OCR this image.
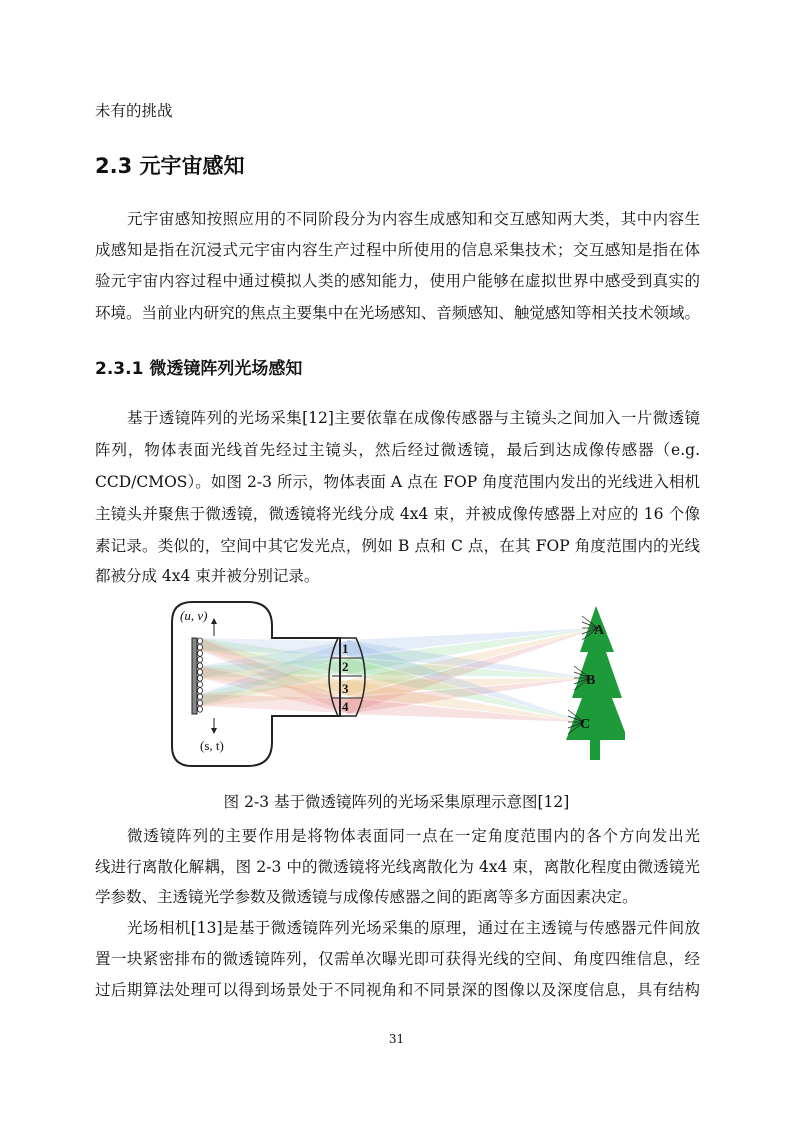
未有的挑战
2.3 元宇宙感知
元宇宙感知按照应用的不同阶段分为内容生成感知和交互感知两大类，其中内容生
成感知是指在沉浸式元宇宙内容生产过程中所使用的信息采集技术；交互感知是指在体
验元宇宙内容过程中通过模拟人类的感知能力，使用户能够在虚拟世界中感受到真实的
环境。当前业内研究的焦点主要集中在光场感知、音频感知、触觉感知等相关技术领域。
2.3.1 微透镜阵列光场感知
基于透镜阵列的光场采集[12]主要依靠在成像传感器与主镜头之间加入一片微透镜
阵列，物体表面光线首先经过主镜头，然后经过微透镜，最后到达成像传感器（e.g.
CCD/CMOS）。如图 2-3 所示，物体表面 A 点在 FOP 角度范围内发出的光线进入相机
主镜头并聚焦于微透镜，微透镜将光线分成 4x4 束，并被成像传感器上对应的 16 个像
素记录。类似的，空间中其它发光点，例如 B 点和 C 点，在其 FOP 角度范围内的光线
都被分成 4x4 束并被分别记录。
(u, v)
(s, t)
1
2
3
4
A
B
C
图 2-3 基于微透镜阵列的光场采集原理示意图[12]
微透镜阵列的主要作用是将物体表面同一点在一定角度范围内的各个方向发出光
线进行离散化解耦，图 2-3 中的微透镜将光线离散化为 4x4 束，离散化程度由微透镜光
学参数、主透镜光学参数及微透镜与成像传感器之间的距离等多方面因素决定。
光场相机[13]是基于微透镜阵列光场采集的原理，通过在主透镜与传感器元件间放
置一块紧密排布的微透镜阵列，仅需单次曝光即可获得光线的空间、角度四维信息，经
过后期算法处理可以得到场景处于不同视角和不同景深的图像以及深度信息，具有结构
31
